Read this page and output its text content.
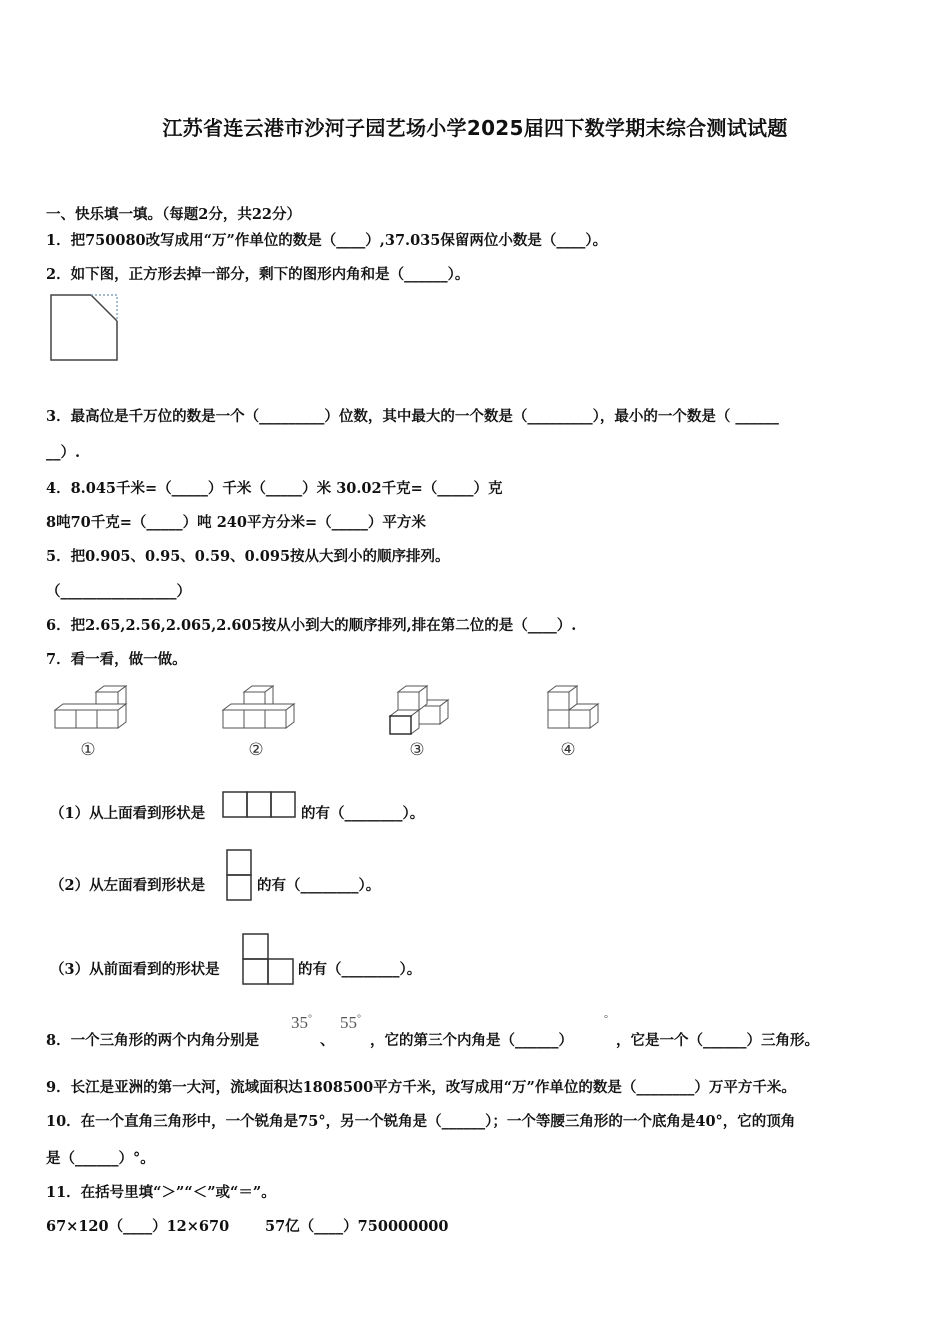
江苏省连云港市沙河子园艺场小学2025届四下数学期末综合测试试题
一、快乐填一填。（每题2分，共22分）
1．把750080改写成用“万”作单位的数是（____）,37.035保留两位小数是（____）。
2．如下图，正方形去掉一部分，剩下的图形内角和是（______）。
3．最高位是千万位的数是一个（_________）位数，其中最大的一个数是（_________），最小的一个数是（ ______
__）.
4．8.045千米=（_____）千米（_____）米 30.02千克=（_____）克
8吨70千克=（_____）吨 240平方分米=（_____）平方米
5．把0.905、0.95、0.59、0.095按从大到小的顺序排列。
（________________）
6．把2.65,2.56,2.065,2.605按从小到大的顺序排列,排在第二位的是（____）.
7．看一看，做一做。
①	②	③	④
（1）从上面看到形状是	的有（________）。
（2）从左面看到形状是	的有（________）。
（3）从前面看到的形状是	的有（________）。
8．一个三角形的两个内角分别是
35°
、
55°
，它的第三个内角是（______）
°
，它是一个（______）三角形。
9．长江是亚洲的第一大河，流域面积达1808500平方千米，改写成用“万”作单位的数是（________）万平方千米。
10．在一个直角三角形中，一个锐角是75°，另一个锐角是（______）；一个等腰三角形的一个底角是40°，它的顶角
是（______）°。
11．在括号里填“＞”“＜”或“＝”。
67×120（____）12×670 57亿（____）750000000
